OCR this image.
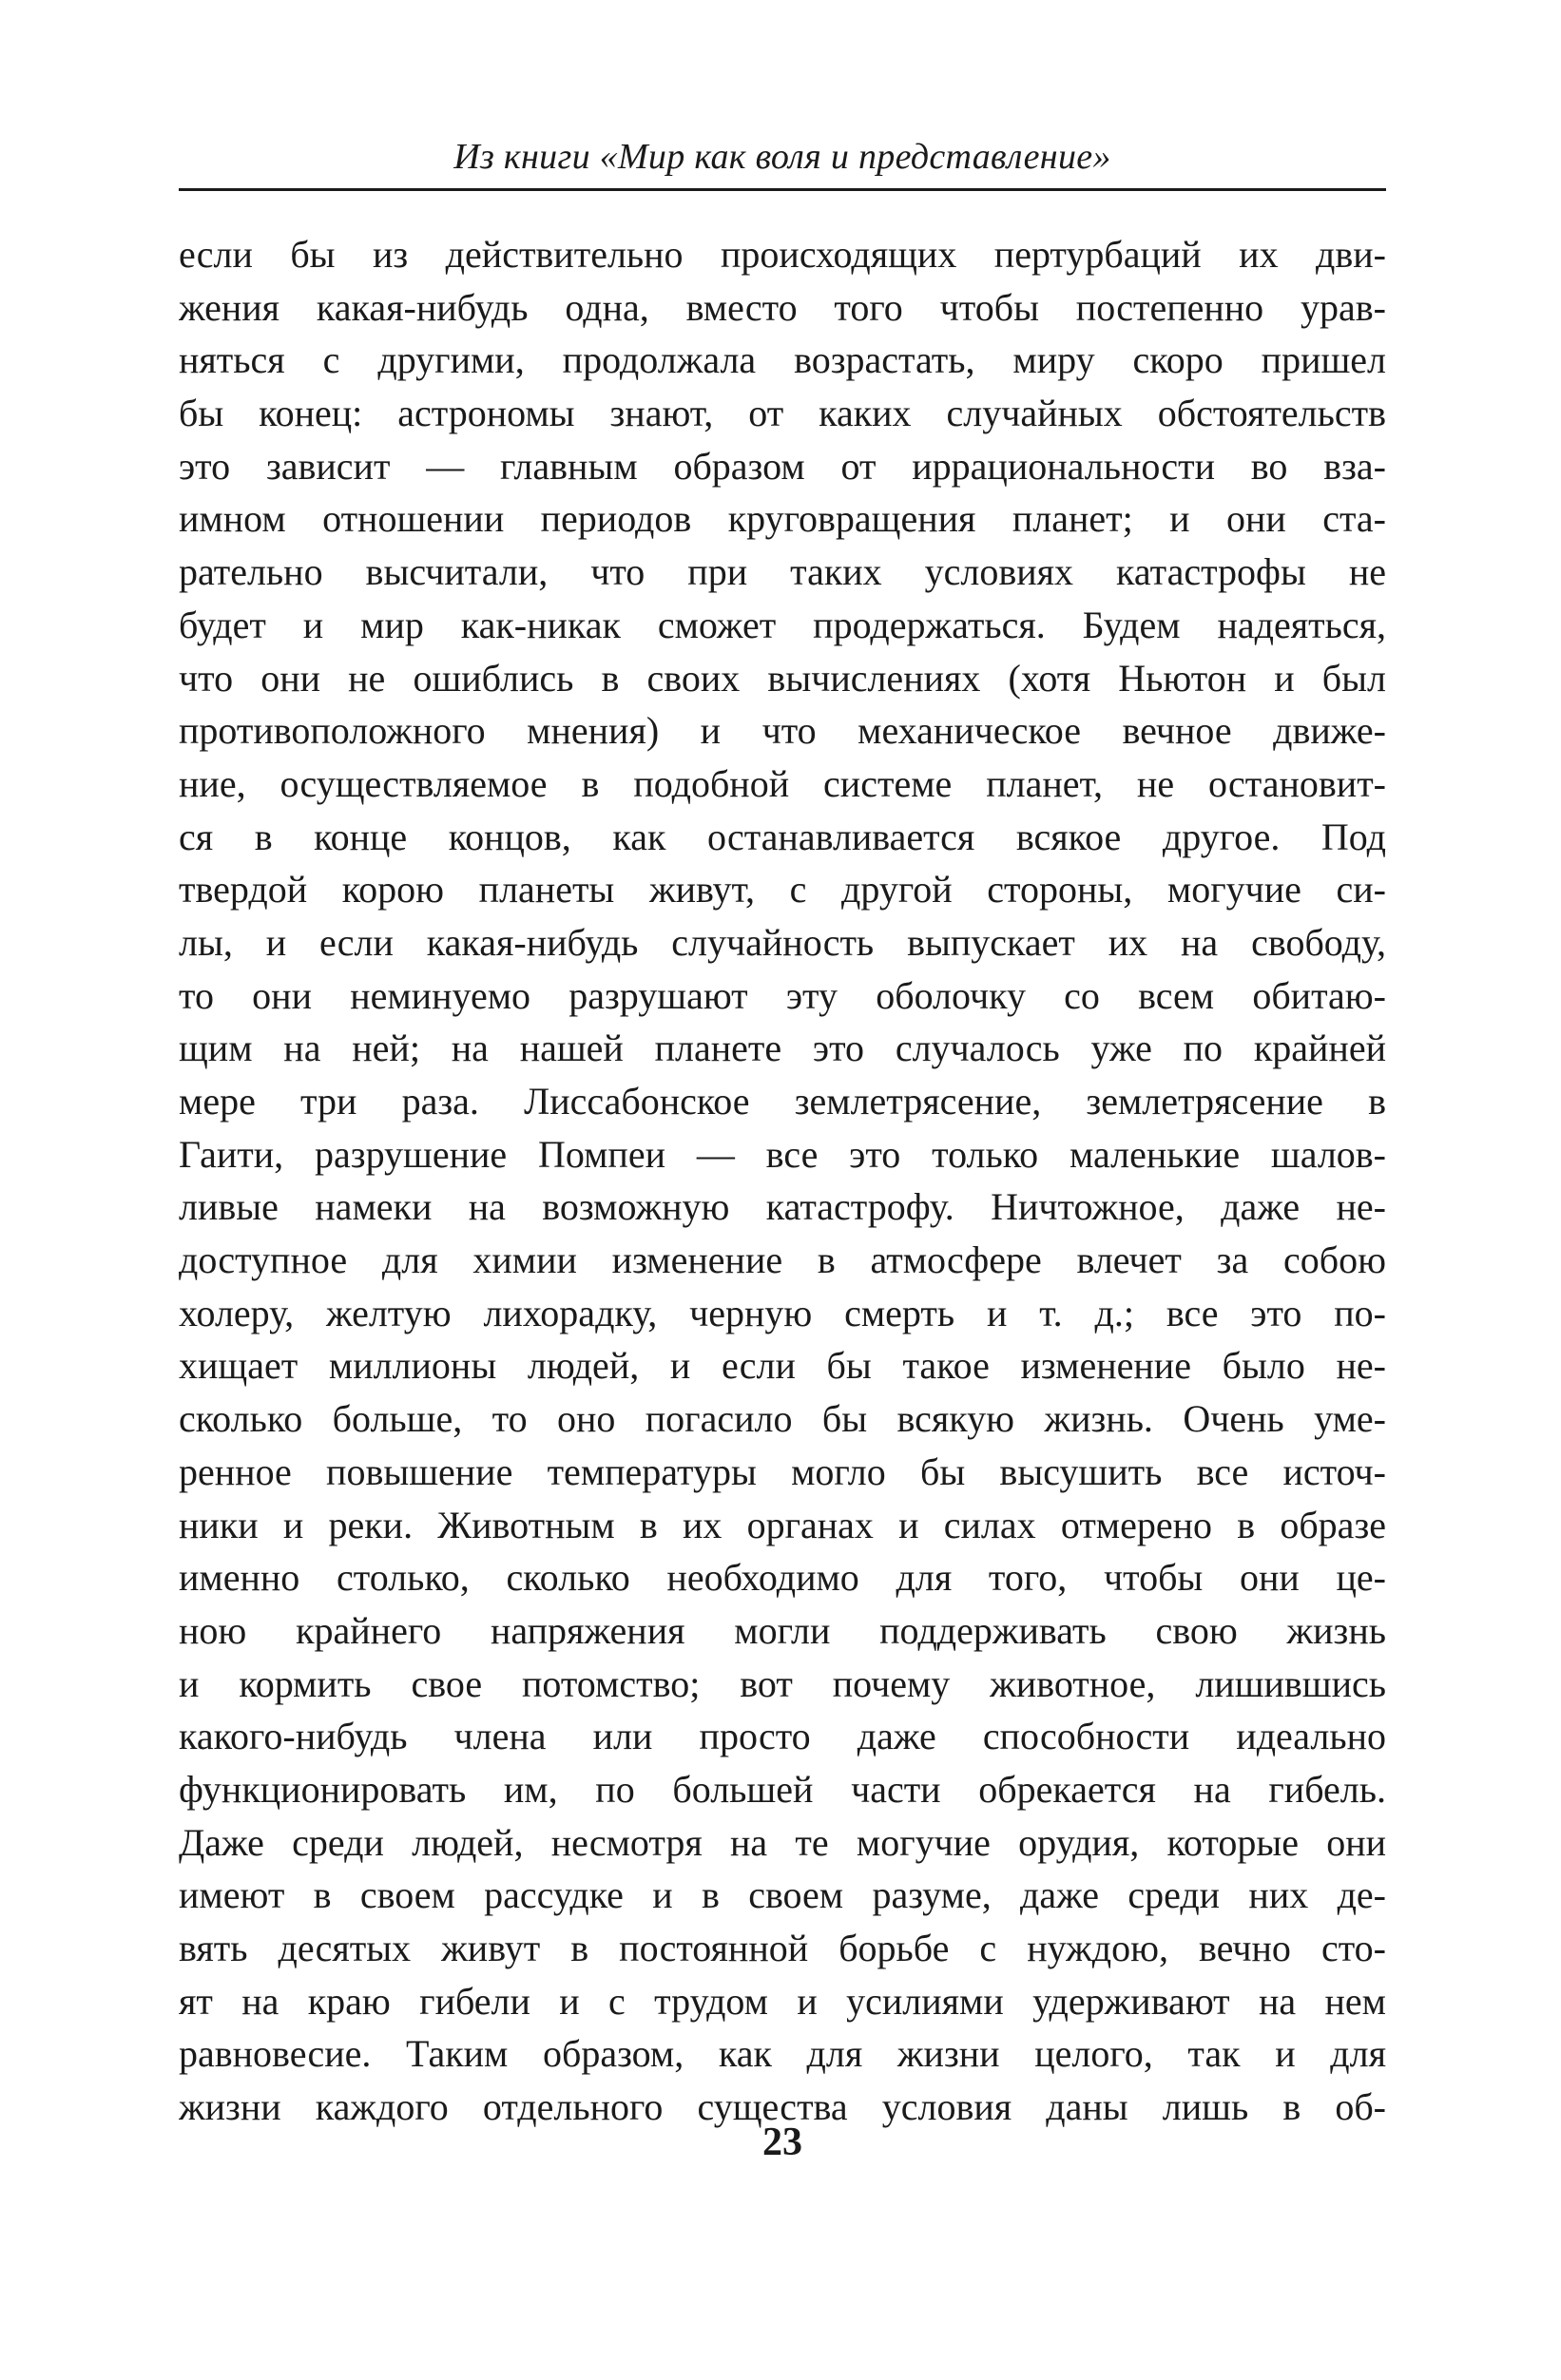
Из книги «Мир как воля и представление»
если бы из действительно происходящих пертурбаций их дви-
жения какая-нибудь одна, вместо того чтобы постепенно урав-
няться с другими, продолжала возрастать, миру скоро пришел
бы конец: астрономы знают, от каких случайных обстоятельств
это зависит — главным образом от иррациональности во вза-
имном отношении периодов круговращения планет; и они ста-
рательно высчитали, что при таких условиях катастрофы не
будет и мир как-никак сможет продержаться. Будем надеяться,
что они не ошиблись в своих вычислениях (хотя Ньютон и был
противоположного мнения) и что механическое вечное движе-
ние, осуществляемое в подобной системе планет, не остановит-
ся в конце концов, как останавливается всякое другое. Под
твердой корою планеты живут, с другой стороны, могучие си-
лы, и если какая-нибудь случайность выпускает их на свободу,
то они неминуемо разрушают эту оболочку со всем обитаю-
щим на ней; на нашей планете это случалось уже по крайней
мере три раза. Лиссабонское землетрясение, землетрясение в
Гаити, разрушение Помпеи — все это только маленькие шалов-
ливые намеки на возможную катастрофу. Ничтожное, даже не-
доступное для химии изменение в атмосфере влечет за собою
холеру, желтую лихорадку, черную смерть и т. д.; все это по-
хищает миллионы людей, и если бы такое изменение было не-
сколько больше, то оно погасило бы всякую жизнь. Очень уме-
ренное повышение температуры могло бы высушить все источ-
ники и реки. Животным в их органах и силах отмерено в образе
именно столько, сколько необходимо для того, чтобы они це-
ною крайнего напряжения могли поддерживать свою жизнь
и кормить свое потомство; вот почему животное, лишившись
какого-нибудь члена или просто даже способности идеально
функционировать им, по большей части обрекается на гибель.
Даже среди людей, несмотря на те могучие орудия, которые они
имеют в своем рассудке и в своем разуме, даже среди них де-
вять десятых живут в постоянной борьбе с нуждою, вечно сто-
ят на краю гибели и с трудом и усилиями удерживают на нем
равновесие. Таким образом, как для жизни целого, так и для
жизни каждого отдельного существа условия даны лишь в об-
23
